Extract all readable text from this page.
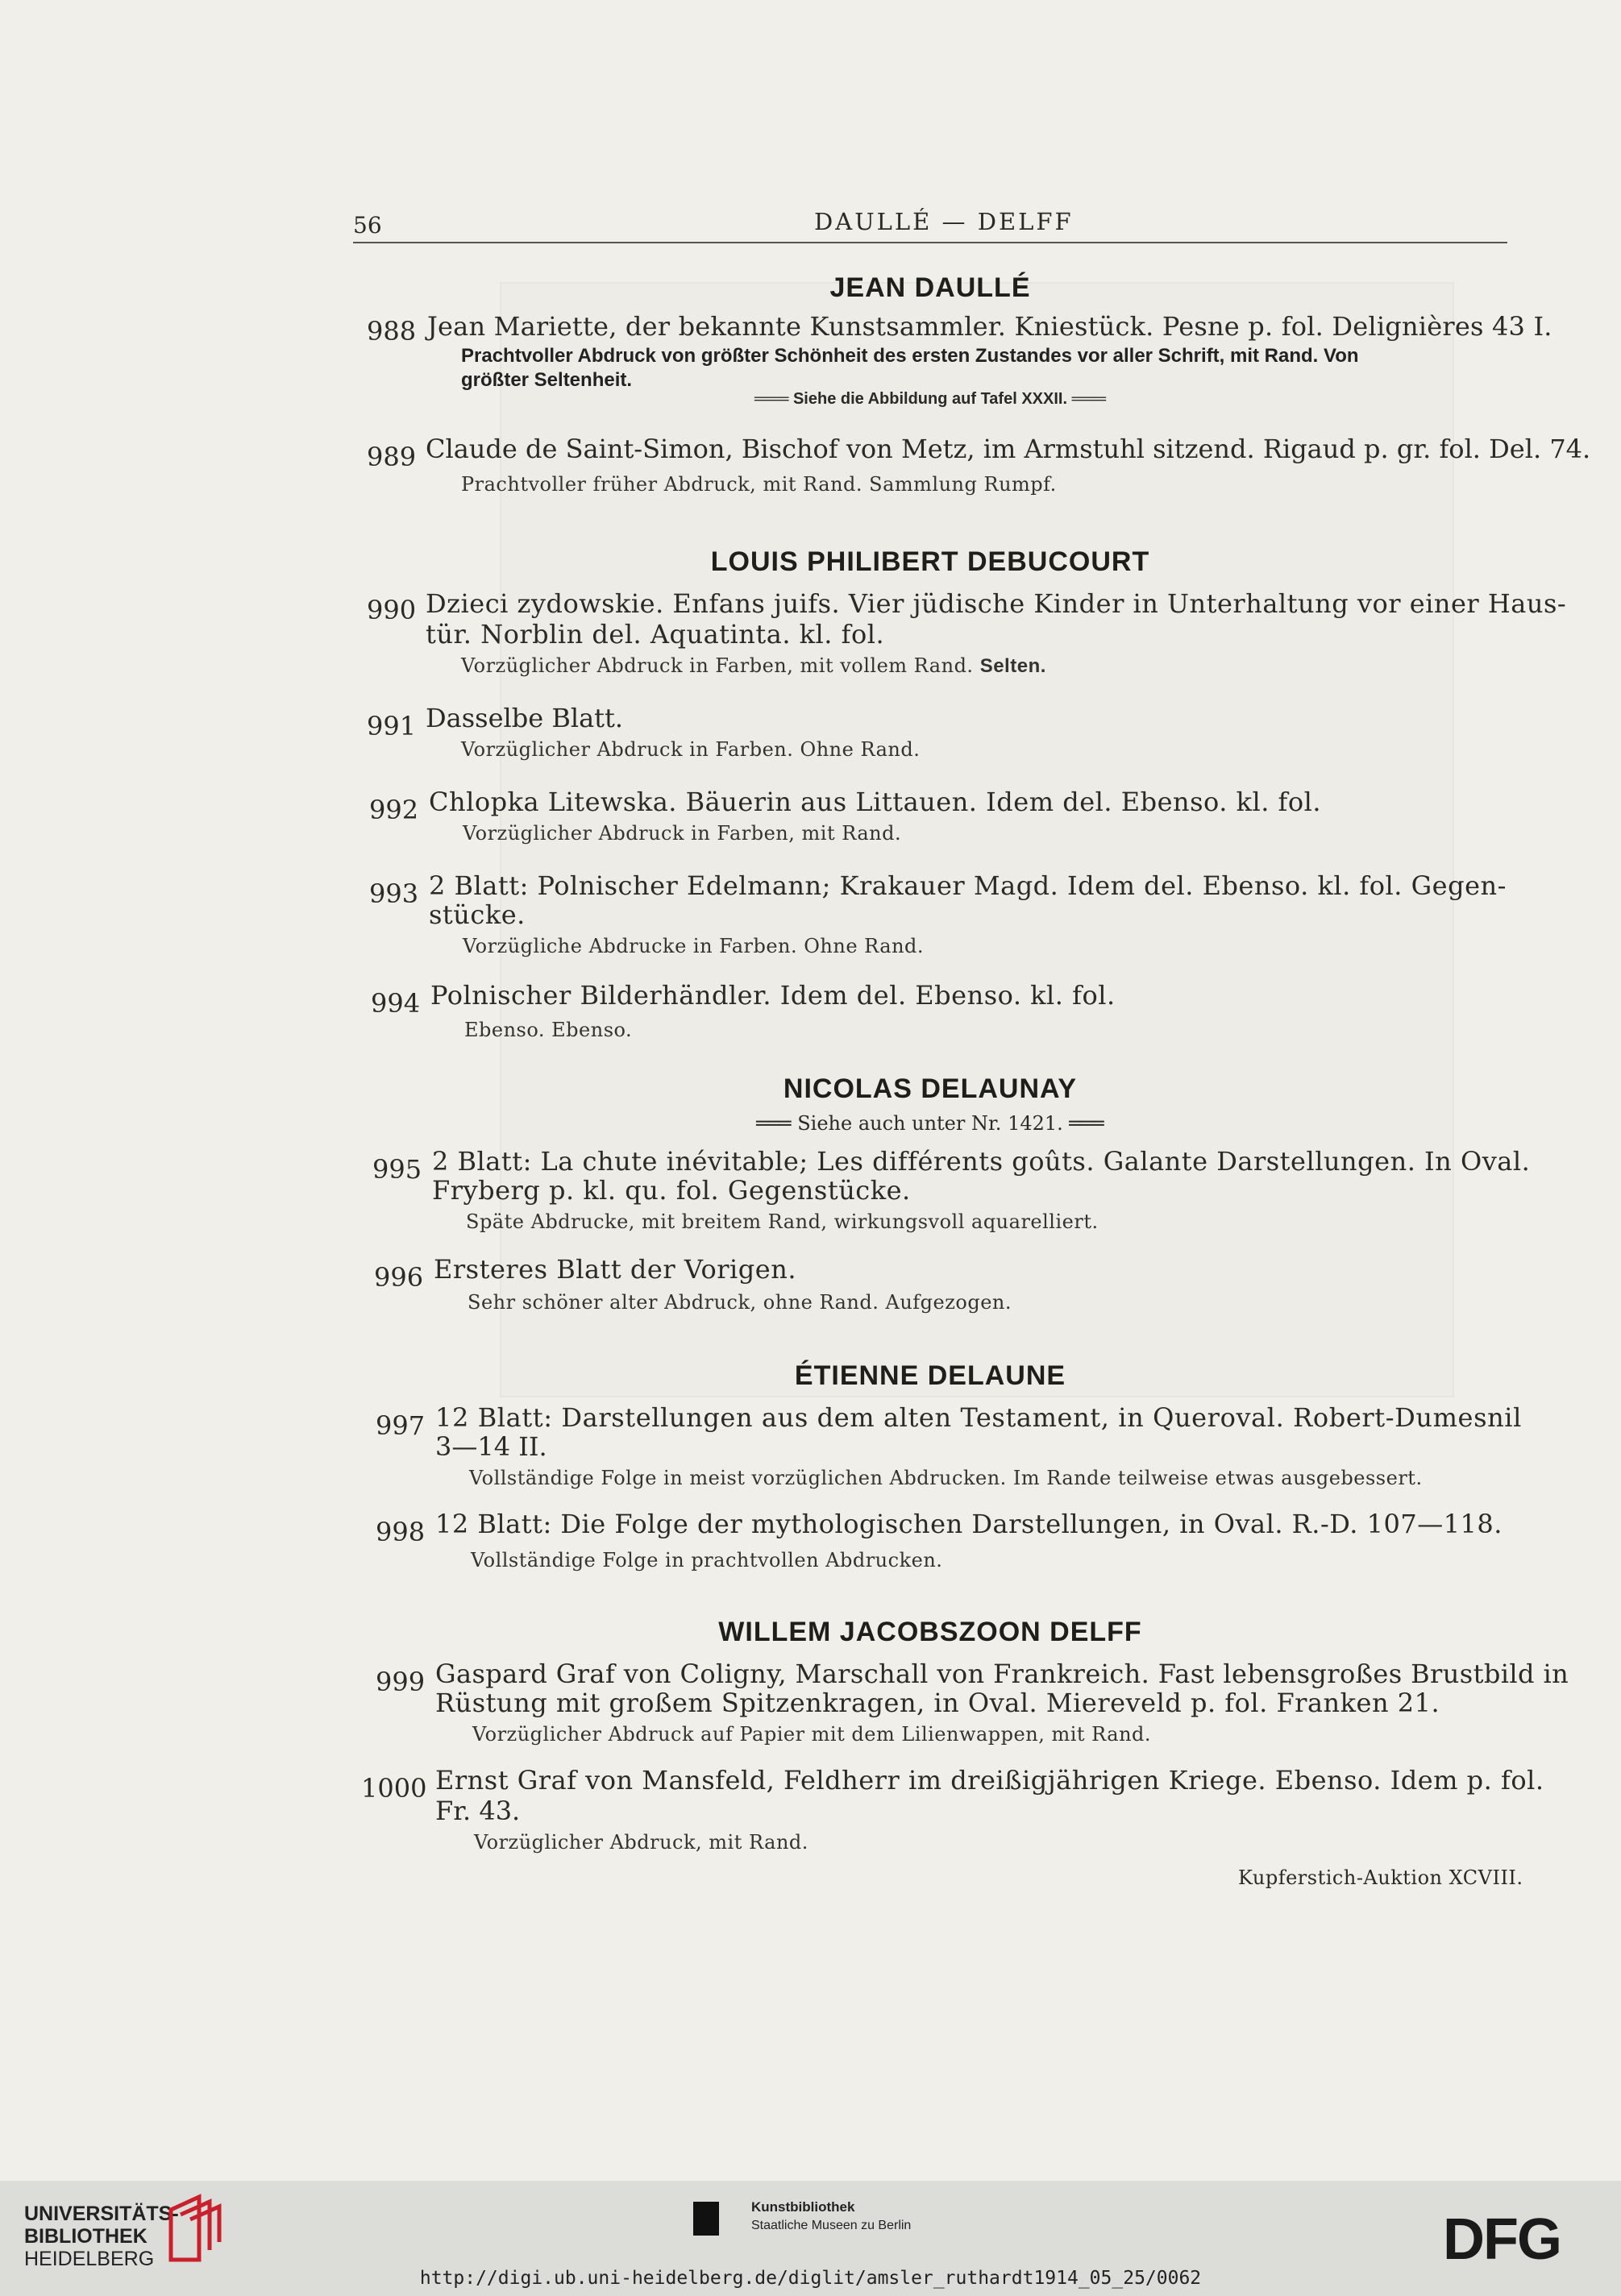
56	DAULLÉ — DELFF
JEAN DAULLÉ
988 Jean Mariette, der bekannte Kunstsammler. Kniestück. Pesne p. fol. Delignières 43 I.
Prachtvoller Abdruck von größter Schönheit des ersten Zustandes vor aller Schrift, mit Rand. Von
größter Seltenheit.
═══ Siehe die Abbildung auf Tafel XXXII. ═══
989 Claude de Saint-Simon, Bischof von Metz, im Armstuhl sitzend. Rigaud p. gr. fol. Del. 74.
Prachtvoller früher Abdruck, mit Rand. Sammlung Rumpf.
LOUIS PHILIBERT DEBUCOURT
990 Dzieci zydowskie. Enfans juifs. Vier jüdische Kinder in Unterhaltung vor einer Haus-
tür. Norblin del. Aquatinta. kl. fol.
Vorzüglicher Abdruck in Farben, mit vollem Rand. Selten.
991 Dasselbe Blatt.
Vorzüglicher Abdruck in Farben. Ohne Rand.
992 Chlopka Litewska. Bäuerin aus Littauen. Idem del. Ebenso. kl. fol.
Vorzüglicher Abdruck in Farben, mit Rand.
993 2 Blatt: Polnischer Edelmann; Krakauer Magd. Idem del. Ebenso. kl. fol. Gegen-
stücke.
Vorzügliche Abdrucke in Farben. Ohne Rand.
994 Polnischer Bilderhändler. Idem del. Ebenso. kl. fol.
Ebenso. Ebenso.
NICOLAS DELAUNAY
═══ Siehe auch unter Nr. 1421. ═══
995 2 Blatt: La chute inévitable; Les différents goûts. Galante Darstellungen. In Oval.
Fryberg p. kl. qu. fol. Gegenstücke.
Späte Abdrucke, mit breitem Rand, wirkungsvoll aquarelliert.
996 Ersteres Blatt der Vorigen.
Sehr schöner alter Abdruck, ohne Rand. Aufgezogen.
ÉTIENNE DELAUNE
997 12 Blatt: Darstellungen aus dem alten Testament, in Queroval. Robert-Dumesnil
3—14 II.
Vollständige Folge in meist vorzüglichen Abdrucken. Im Rande teilweise etwas ausgebessert.
998 12 Blatt: Die Folge der mythologischen Darstellungen, in Oval. R.-D. 107—118.
Vollständige Folge in prachtvollen Abdrucken.
WILLEM JACOBSZOON DELFF
999 Gaspard Graf von Coligny, Marschall von Frankreich. Fast lebensgroßes Brustbild in
Rüstung mit großem Spitzenkragen, in Oval. Miereveld p. fol. Franken 21.
Vorzüglicher Abdruck auf Papier mit dem Lilienwappen, mit Rand.
1000 Ernst Graf von Mansfeld, Feldherr im dreißigjährigen Kriege. Ebenso. Idem p. fol.
Fr. 43.
Vorzüglicher Abdruck, mit Rand.
Kupferstich-Auktion XCVIII.
UNIVERSITÄTS-
BIBLIOTHEK
HEIDELBERG
Kunstbibliothek
Staatliche Museen zu Berlin	DFG
http://digi.ub.uni-heidelberg.de/diglit/amsler_ruthardt1914_05_25/0062
